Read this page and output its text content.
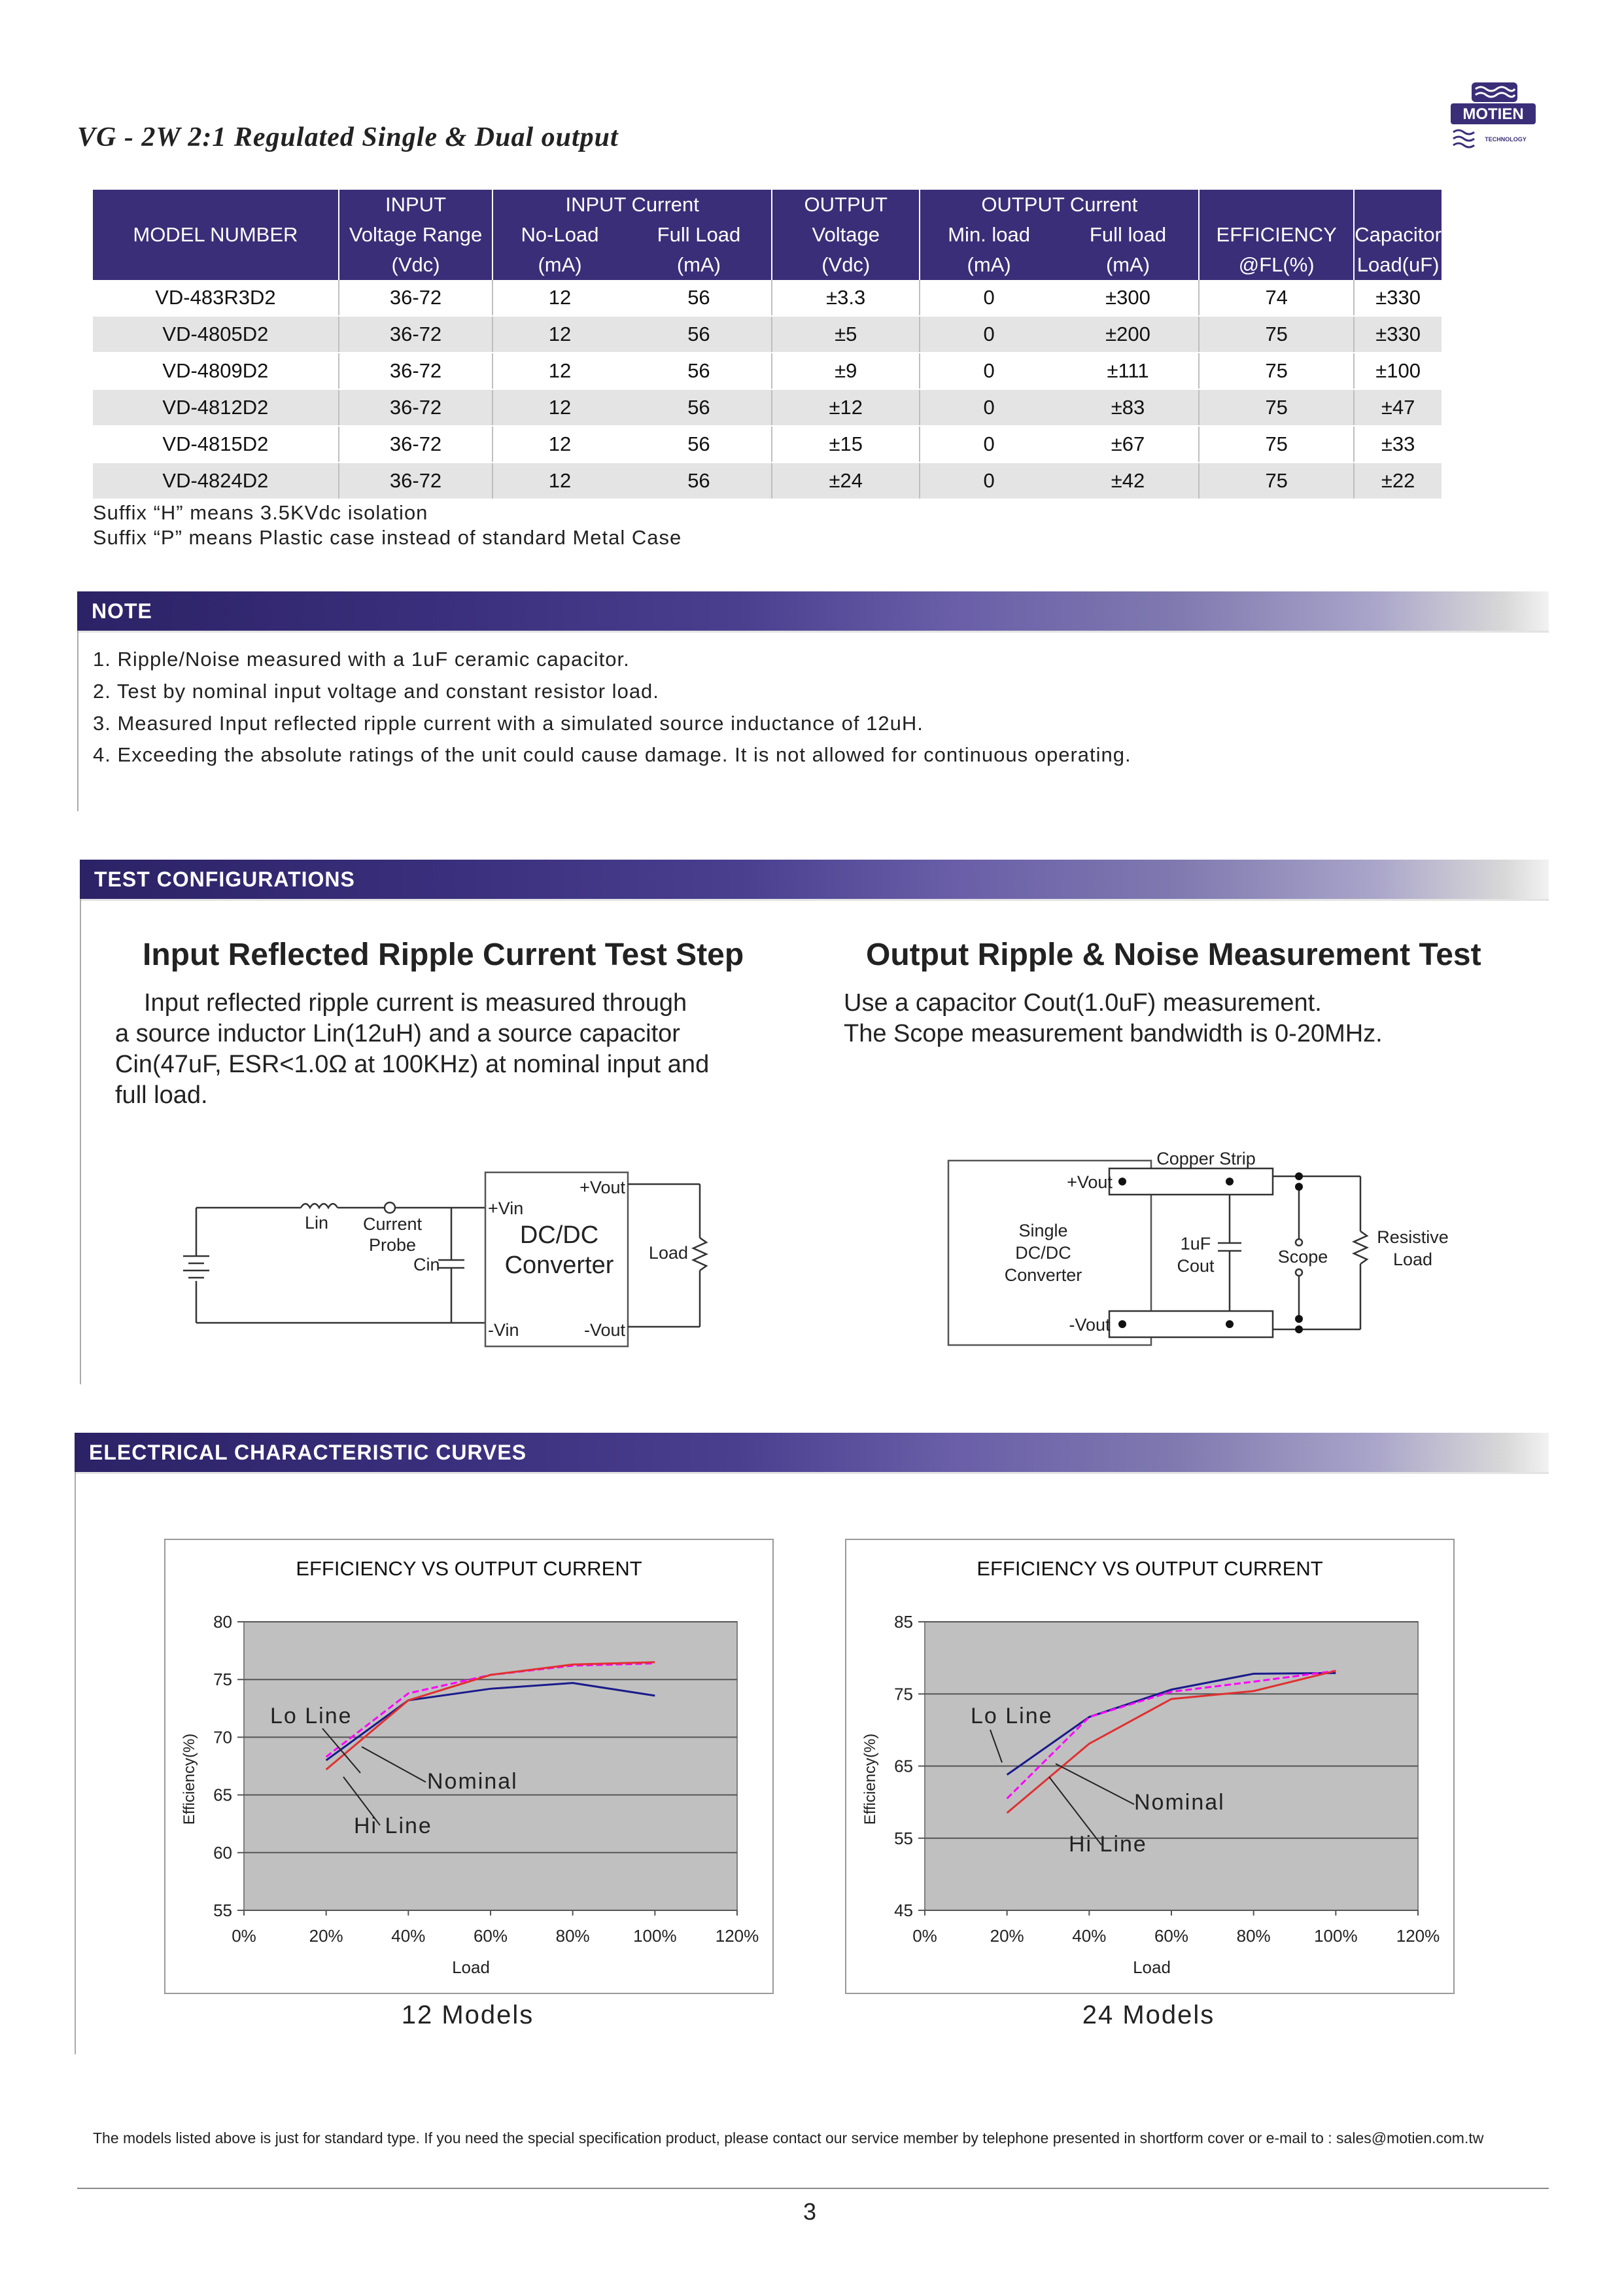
VG - 2W 2:1 Regulated Single & Dual output
MOTIEN
TECHNOLOGY
MODEL NUMBER	INPUT	INPUT Current		OUTPUT	OUTPUT Current			
	Voltage Range	No-Load	Full Load	Voltage	Min. load	Full load	EFFICIENCY	Capacitor
	(Vdc)	(mA)	(mA)	(Vdc)	(mA)	(mA)	@FL(%)	Load(uF)
VD-483R3D2	36-72	12	56	±3.3	0	±300	74	±330
VD-4805D2	36-72	12	56	±5	0	±200	75	±330
VD-4809D2	36-72	12	56	±9	0	±111	75	±100
VD-4812D2	36-72	12	56	±12	0	±83	75	±47
VD-4815D2	36-72	12	56	±15	0	±67	75	±33
VD-4824D2	36-72	12	56	±24	0	±42	75	±22
Suffix “H” means 3.5KVdc isolation
Suffix “P” means Plastic case instead of standard Metal Case
NOTE
1. Ripple/Noise measured with a 1uF ceramic capacitor.
2. Test by nominal input voltage and constant resistor load.
3. Measured Input reflected ripple current with a simulated source inductance of 12uH.
4. Exceeding the absolute ratings of the unit could cause damage. It is not allowed for continuous operating.
TEST CONFIGURATIONS
Input Reflected Ripple Current Test Step
Input reflected ripple current is measured through
a source inductor Lin(12uH) and a source capacitor
Cin(47uF, ESR<1.0Ω at 100KHz) at nominal input and
full load.
Output Ripple & Noise Measurement Test
Use a capacitor Cout(1.0uF) measurement.
The Scope measurement bandwidth is 0-20MHz.
Lin Current
Probe
Cin
+Vin
-Vin
+Vout
-Vout
DC/DC
Converter Load
Single
DC/DC
Converter
+Vout
-Vout
Copper Strip
1uF
Cout	Scope
Resistive
Load
ELECTRICAL CHARACTERISTIC CURVES
55
60
65
70
75
80
0%	20%	40%	60%	80%	100% 120%
EFFICIENCY VS OUTPUT CURRENT
Load
Efficiency(%)
Lo Line
Nominal
Hi Line
45
55
65
75
85
0%	20%	40%	60%	80%	100% 120%
EFFICIENCY VS OUTPUT CURRENT
Load
Efficiency(%)
Lo Line
Nominal
Hi Line
12 Models	24 Models
The models listed above is just for standard type. If you need the special specification product, please contact our service member by telephone presented in shortform cover or e-mail to : sales@motien.com.tw
3
